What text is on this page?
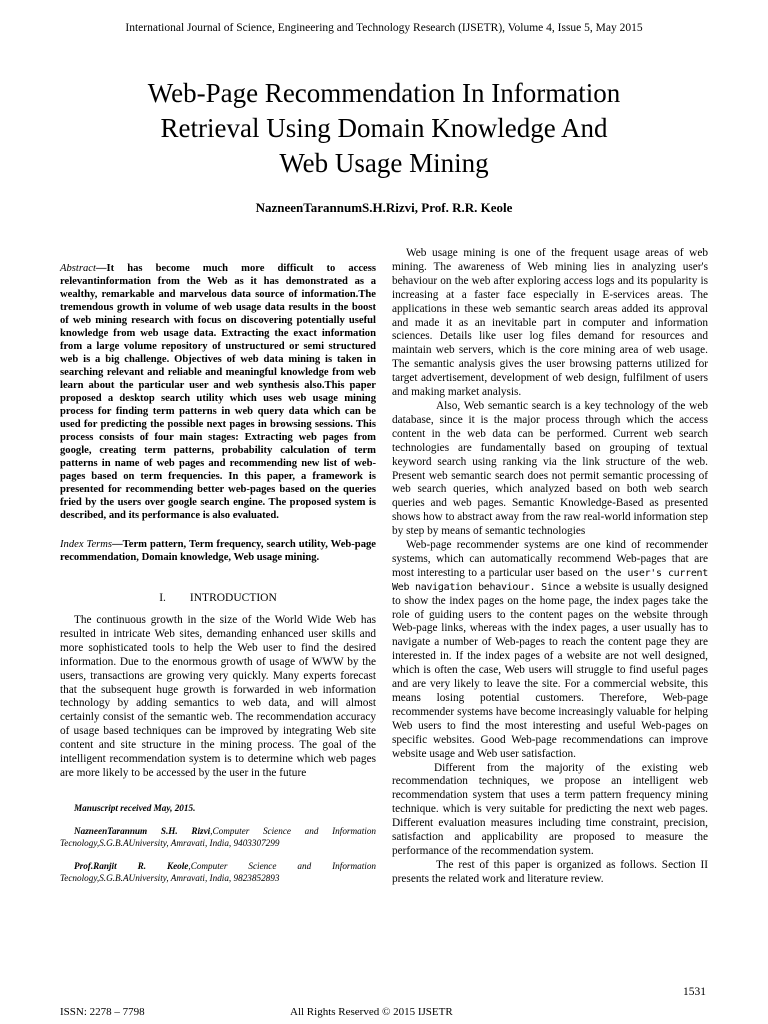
International Journal of Science, Engineering and Technology Research (IJSETR), Volume 4, Issue 5, May 2015
Web-Page Recommendation In Information
Retrieval Using Domain Knowledge And
Web Usage Mining
NazneenTarannumS.H.Rizvi, Prof. R.R. Keole
Abstract—It has become much more difficult to access relevantinformation from the Web as it has demonstrated as a wealthy, remarkable and marvelous data source of information.The tremendous growth in volume of web usage data results in the boost of web mining research with focus on discovering potentially useful knowledge from web usage data. Extracting the exact information from a large volume repository of unstructured or semi structured web is a big challenge. Objectives of web data mining is taken in searching relevant and reliable and meaningful knowledge from web learn about the particular user and web synthesis also.This paper proposed a desktop search utility which uses web usage mining process for finding term patterns in web query data which can be used for predicting the possible next pages in browsing sessions. This process consists of four main stages: Extracting web pages from google, creating term patterns, probability calculation of term patterns in name of web pages and recommending new list of web-pages based on term frequencies. In this paper, a framework is presented for recommending better web-pages based on the queries fried by the users over google search engine. The proposed system is described, and its performance is also evaluated.
Index Terms—Term pattern, Term frequency, search utility, Web-page recommendation, Domain knowledge, Web usage mining.
I. INTRODUCTION

The continuous growth in the size of the World Wide Web has resulted in intricate Web sites, demanding enhanced user skills and more sophisticated tools to help the Web user to find the desired information. Due to the enormous growth of usage of WWW by the users, transactions are growing very quickly. Many experts forecast that the subsequent huge growth is forwarded in web information technology by adding semantics to web data, and will almost certainly consist of the semantic web. The recommendation accuracy of usage based techniques can be improved by integrating Web site content and site structure in the mining process. The goal of the intelligent recommendation system is to determine which web pages are more likely to be accessed by the user in the future

Manuscript received May, 2015.

NazneenTarannum S.H. Rizvi,Computer Science and Information Tecnology,S.G.B.AUniversity, Amravati, India, 9403307299

Prof.Ranjit R. Keole,Computer Science and Information Tecnology,S.G.B.AUniversity, Amravati, India, 9823852893

Web usage mining is one of the frequent usage areas of web mining. The awareness of Web mining lies in analyzing user's behaviour on the web after exploring access logs and its popularity is increasing at a faster face especially in E-services areas. The applications in these web semantic search areas added its approval and made it as an inevitable part in computer and information sciences. Details like user log files demand for resources and maintain web servers, which is the core mining area of web usage. The semantic analysis gives the user browsing patterns utilized for target advertisement, development of web design, fulfilment of users and making market analysis.

Also, Web semantic search is a key technology of the web database, since it is the major process through which the access content in the web data can be performed. Current web search technologies are fundamentally based on grouping of textual keyword search using ranking via the link structure of the web. Present web semantic search does not permit semantic processing of web search queries, which analyzed based on both web search queries and web pages. Semantic Knowledge-Based as presented shows how to abstract away from the raw real-world information step by step by means of semantic technologies

Web-page recommender systems are one kind of recommender systems, which can automatically recommend Web-pages that are most interesting to a particular user based on the user's current Web navigation behaviour. Since a website is usually designed to show the index pages on the home page, the index pages take the role of guiding users to the content pages on the website through Web-page links, whereas with the index pages, a user usually has to navigate a number of Web-pages to reach the content page they are interested in. If the index pages of a website are not well designed, which is often the case, Web users will struggle to find useful pages and are very likely to leave the site. For a commercial website, this means losing potential customers. Therefore, Web-page recommender systems have become increasingly valuable for helping Web users to find the most interesting and useful Web-pages on specific websites. Good Web-page recommendations can improve website usage and Web user satisfaction.

Different from the majority of the existing web recommendation techniques, we propose an intelligent web recommendation system that uses a term pattern frequency mining technique. which is very suitable for predicting the next web pages. Different evaluation measures including time constraint, precision, satisfaction and applicability are proposed to measure the performance of the recommendation system.

The rest of this paper is organized as follows. Section II presents the related work and literature review.

1531
ISSN: 2278 – 7798	All Rights Reserved © 2015 IJSETR
